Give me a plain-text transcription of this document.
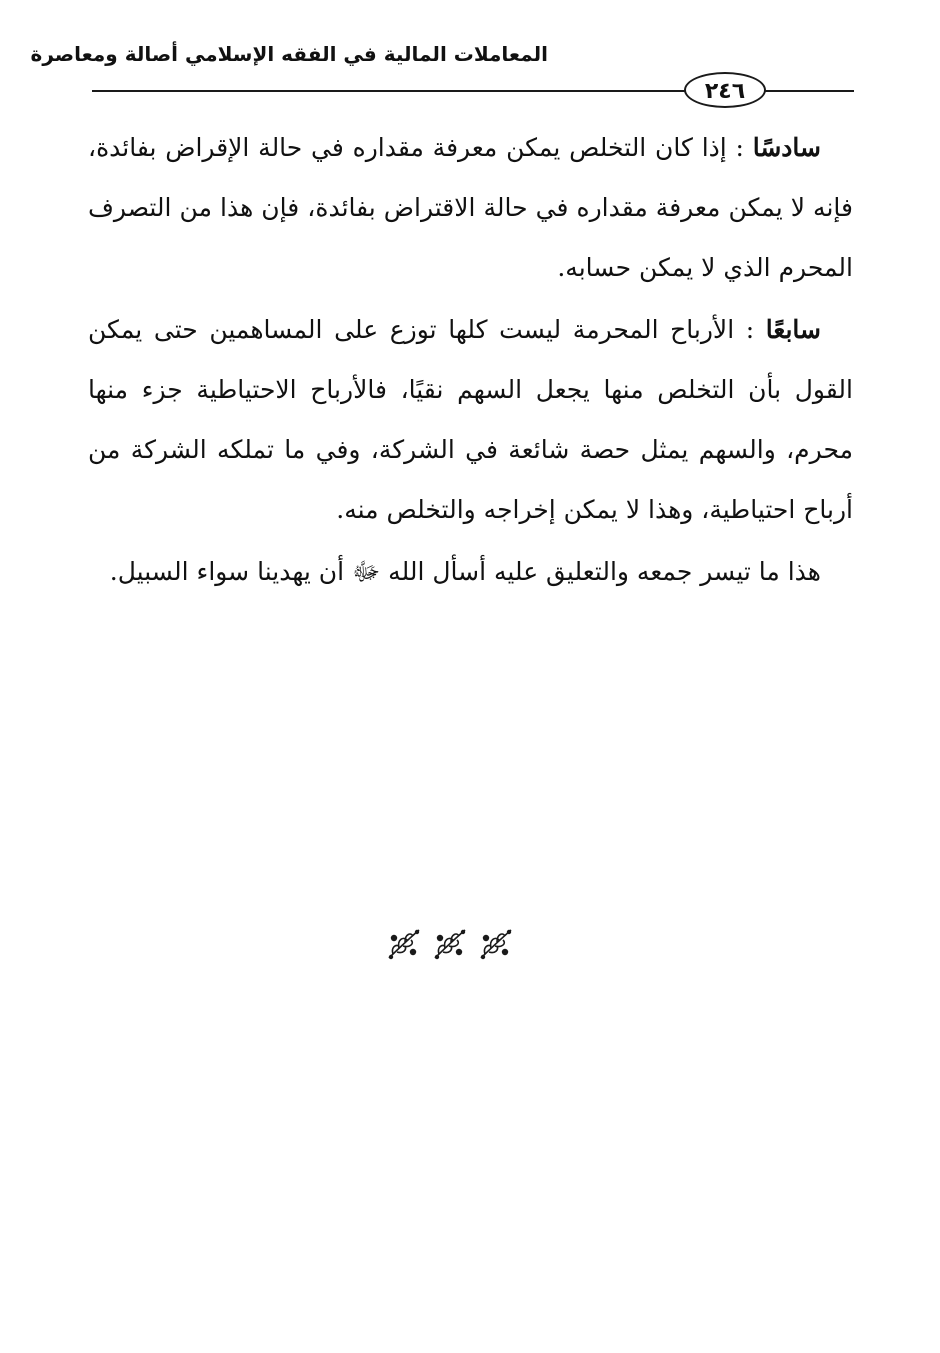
المعاملات المالية في الفقه الإسلامي أصالة ومعاصرة
٢٤٦

سادسًا : إذا كان التخلص يمكن معرفة مقداره في حالة الإقراض بفائدة، فإنه لا يمكن معرفة مقداره في حالة الاقتراض بفائدة، فإن هذا من التصرف المحرم الذي لا يمكن حسابه.

سابعًا : الأرباح المحرمة ليست كلها توزع على المساهمين حتى يمكن القول بأن التخلص منها يجعل السهم نقيًا، فالأرباح الاحتياطية جزء منها محرم، والسهم يمثل حصة شائعة في الشركة، وفي ما تملكه الشركة من أرباح احتياطية، وهذا لا يمكن إخراجه والتخلص منه.

هذا ما تيسر جمعه والتعليق عليه أسأل الله ﷻ أن يهدينا سواء السبيل.
